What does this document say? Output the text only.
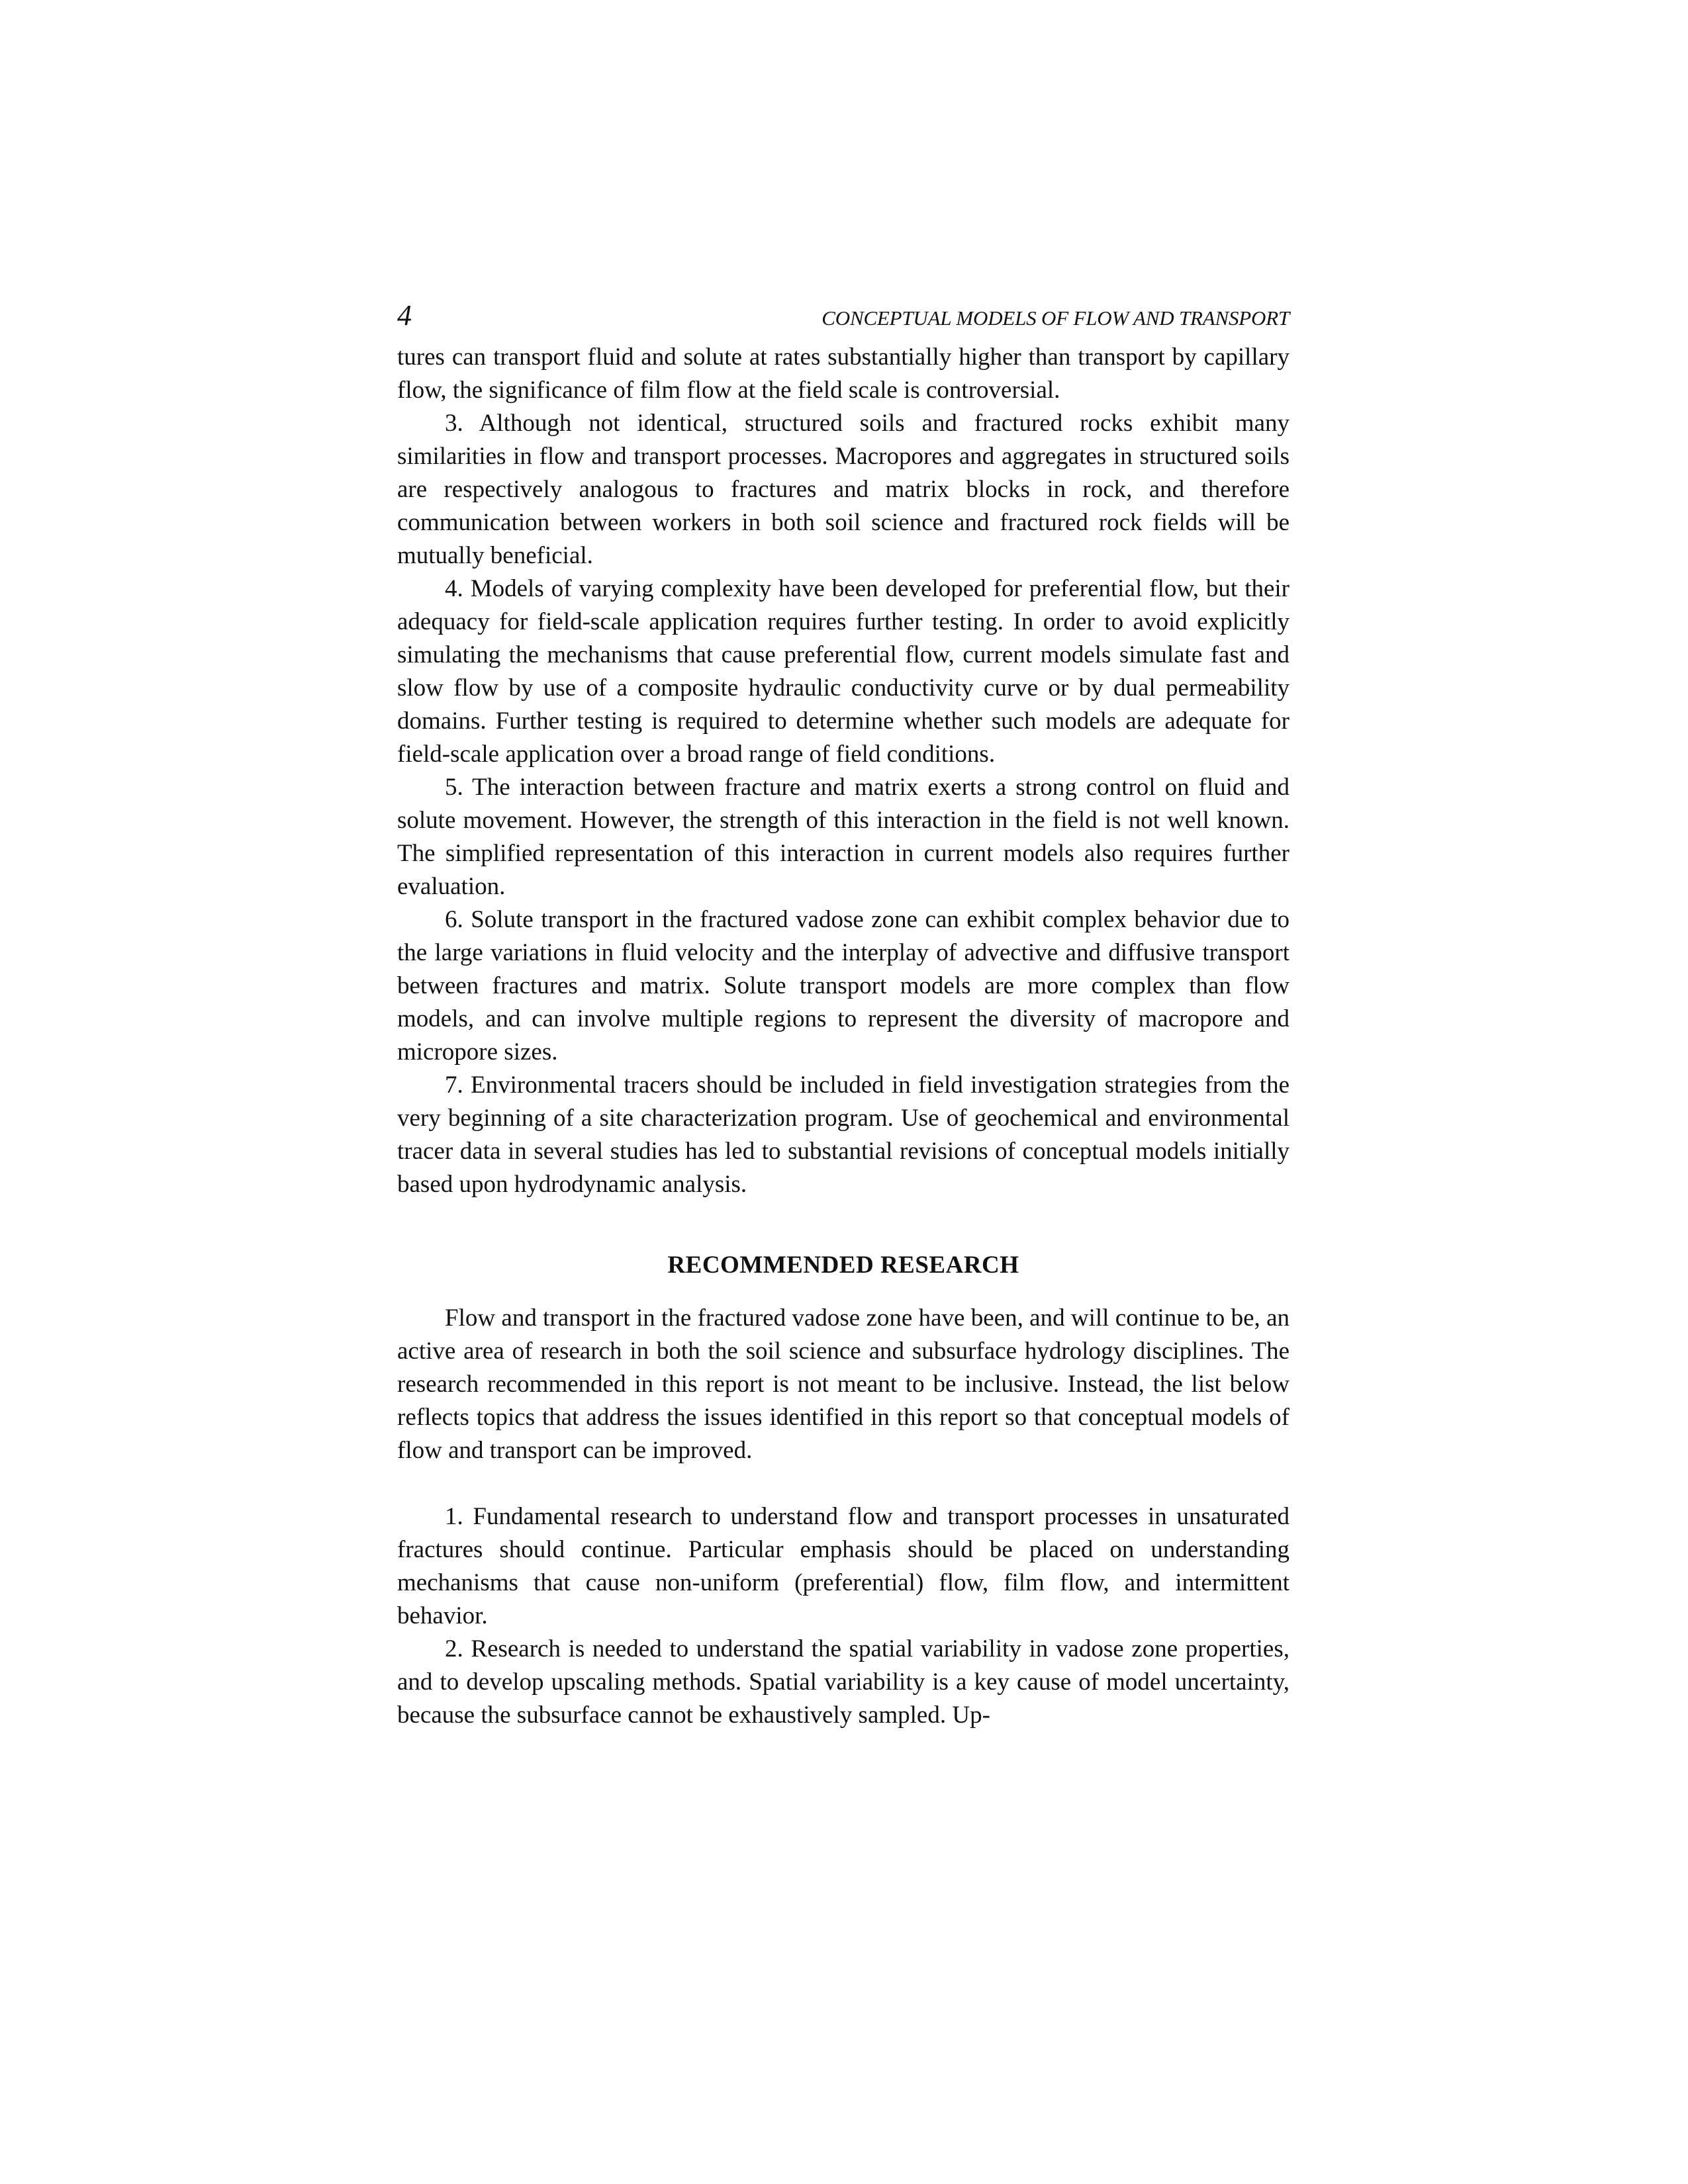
4	CONCEPTUAL MODELS OF FLOW AND TRANSPORT

tures can transport fluid and solute at rates substantially higher than transport by capillary flow, the significance of film flow at the field scale is controversial.

3. Although not identical, structured soils and fractured rocks exhibit many similarities in flow and transport processes. Macropores and aggregates in structured soils are respectively analogous to fractures and matrix blocks in rock, and therefore communication between workers in both soil science and fractured rock fields will be mutually beneficial.

4. Models of varying complexity have been developed for preferential flow, but their adequacy for field-scale application requires further testing. In order to avoid explicitly simulating the mechanisms that cause preferential flow, current models simulate fast and slow flow by use of a composite hydraulic conductivity curve or by dual permeability domains. Further testing is required to determine whether such models are adequate for field-scale application over a broad range of field conditions.

5. The interaction between fracture and matrix exerts a strong control on fluid and solute movement. However, the strength of this interaction in the field is not well known. The simplified representation of this interaction in current models also requires further evaluation.

6. Solute transport in the fractured vadose zone can exhibit complex behavior due to the large variations in fluid velocity and the interplay of advective and diffusive transport between fractures and matrix. Solute transport models are more complex than flow models, and can involve multiple regions to represent the diversity of macropore and micropore sizes.

7. Environmental tracers should be included in field investigation strategies from the very beginning of a site characterization program. Use of geochemical and environmental tracer data in several studies has led to substantial revisions of conceptual models initially based upon hydrodynamic analysis.

RECOMMENDED RESEARCH

Flow and transport in the fractured vadose zone have been, and will continue to be, an active area of research in both the soil science and subsurface hydrology disciplines. The research recommended in this report is not meant to be inclusive. Instead, the list below reflects topics that address the issues identified in this report so that conceptual models of flow and transport can be improved.

1. Fundamental research to understand flow and transport processes in unsaturated fractures should continue. Particular emphasis should be placed on understanding mechanisms that cause non-uniform (preferential) flow, film flow, and intermittent behavior.

2. Research is needed to understand the spatial variability in vadose zone properties, and to develop upscaling methods. Spatial variability is a key cause of model uncertainty, because the subsurface cannot be exhaustively sampled. Up-
